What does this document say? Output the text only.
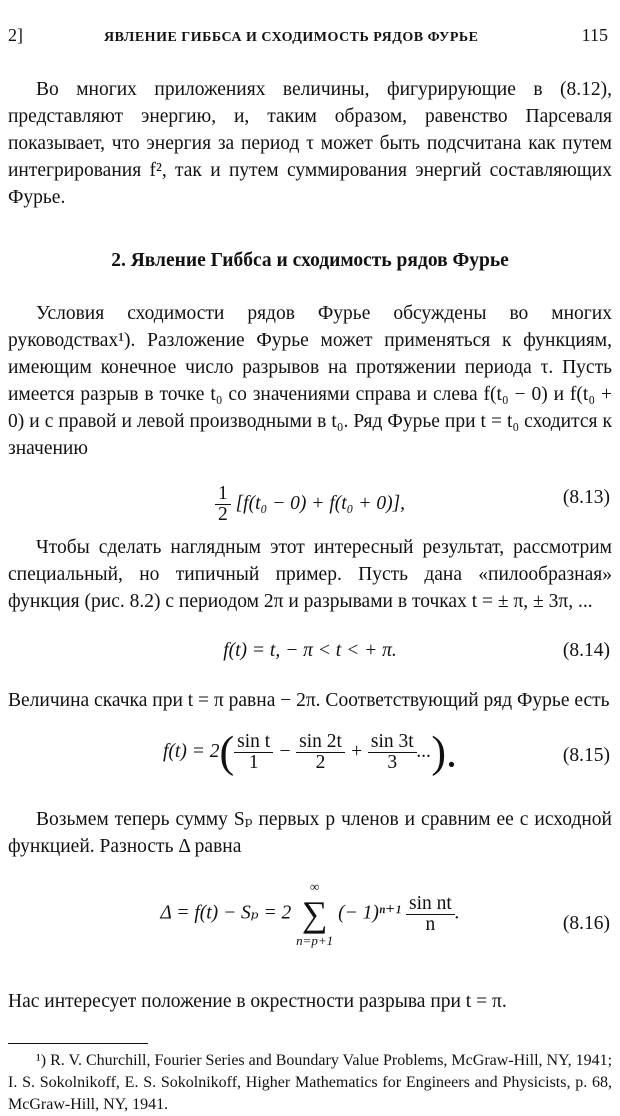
2]	ЯВЛЕНИЕ ГИББСА И СХОДИМОСТЬ РЯДОВ ФУРЬЕ	115

Во многих приложениях величины, фигурирующие в (8.12), представляют энергию, и, таким образом, равенство Парсеваля показывает, что энергия за период τ может быть подсчитана как путем интегрирования f², так и путем суммирования энергий составляющих Фурье.

2. Явление Гиббса и сходимость рядов Фурье

Условия сходимости рядов Фурье обсуждены во многих руководствах¹). Разложение Фурье может применяться к функциям, имеющим конечное число разрывов на протяжении периода τ. Пусть имеется разрыв в точке t₀ со значениями справа и слева f(t₀ − 0) и f(t₀ + 0) и с правой и левой производными в t₀. Ряд Фурье при t = t₀ сходится к значению

$\frac{1}{2} [f(t_0 - 0) + f(t_0 + 0)]$,	(8.13)

Чтобы сделать наглядным этот интересный результат, рассмотрим специальный, но типичный пример. Пусть дана «пилообразная» функция (рис. 8.2) с периодом 2π и разрывами в точках t = ± π, ± 3π, ...

f(t) = t, − π < t < + π.	(8.14)

Величина скачка при t = π равна − 2π. Соответствующий ряд Фурье есть

$f(t) = 2( \frac{\text{sin t}}{1} - \frac{\sin 2t}{2} + \frac{\sin 3t}{3}$ ...).	(8.15)

Возьмем теперь сумму Sₚ первых p членов и сравним ее с исходной функцией. Разность Δ равна

Δ = f(t) − Sₚ = 2
∞
∑
n=p+1
(− $1)^{n+1} \frac{\text{sin nt}}{n}$ .
(8.16)

Нас интересует положение в окрестности разрыва при t = π.

¹) R. V. Churchill, Fourier Series and Boundary Value Problems, McGraw-Hill, NY, 1941; I. S. Sokolnikoff, E. S. Sokolnikoff, Higher Mathematics for Engineers and Physicists, p. 68, McGraw-Hill, NY, 1941.
